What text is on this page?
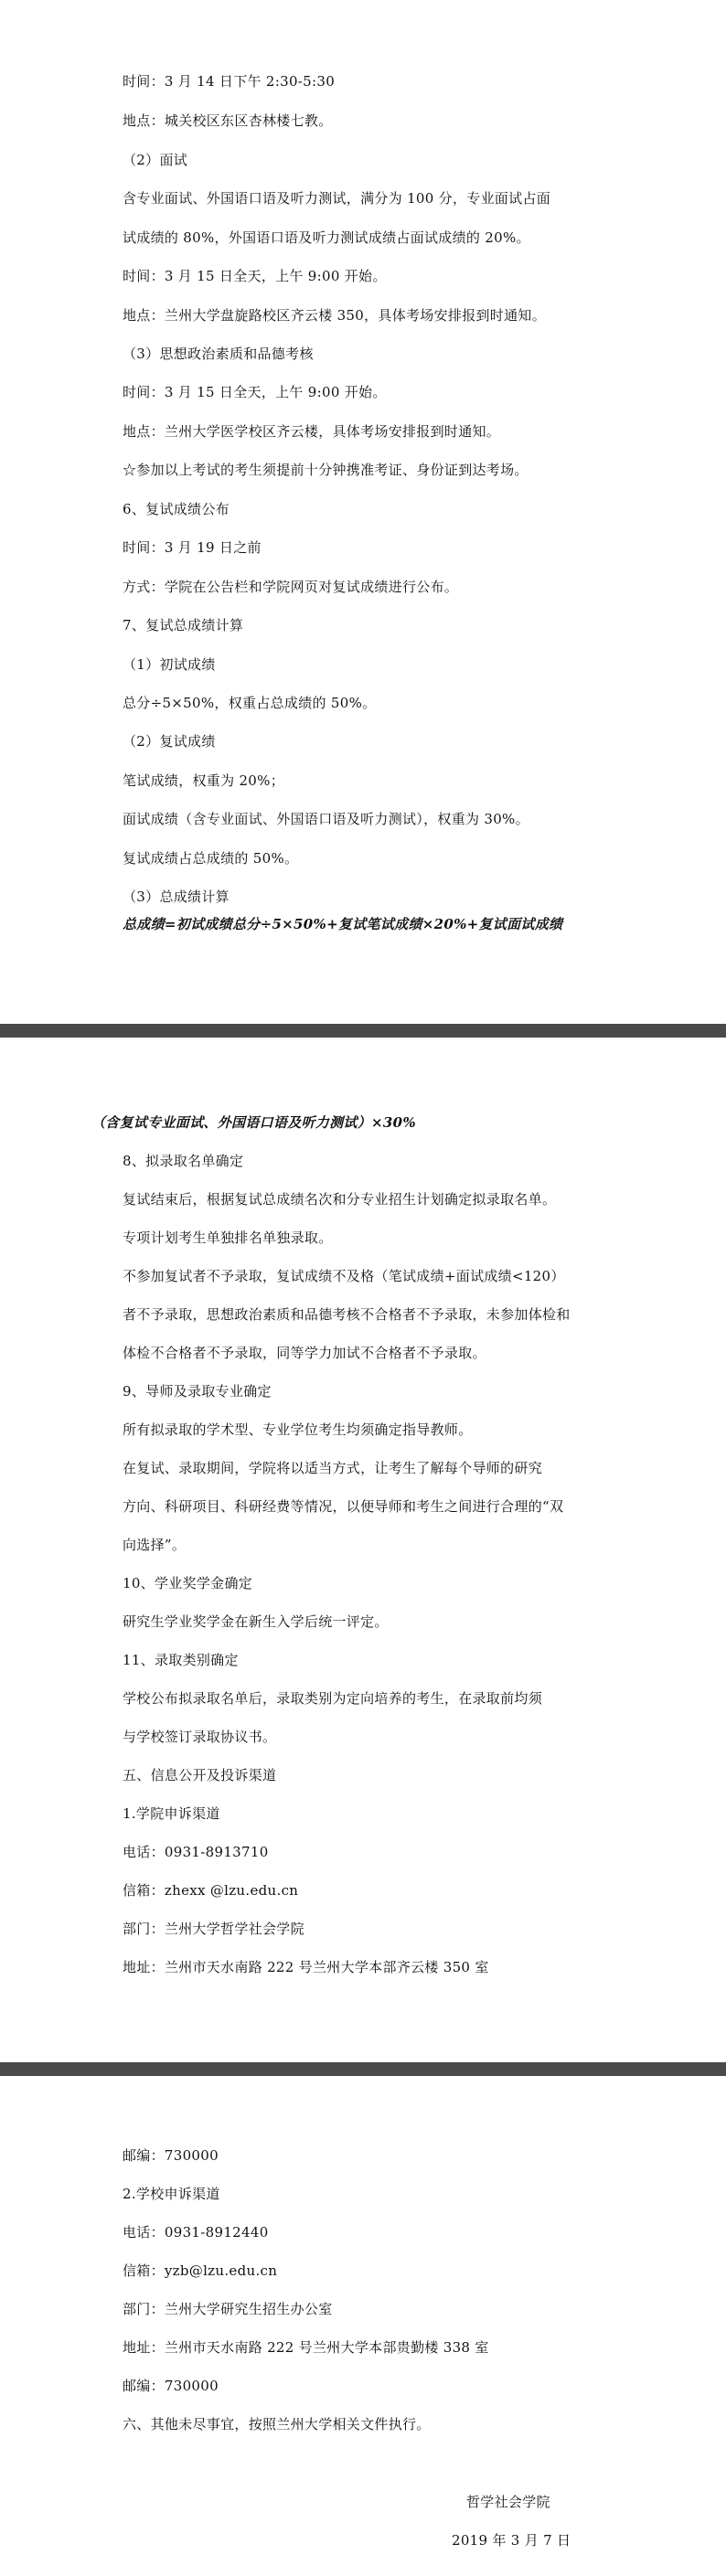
时间：3 月 14 日下午 2:30-5:30
地点：城关校区东区杏林楼七教。
（2）面试
含专业面试、外国语口语及听力测试，满分为 100 分，专业面试占面
试成绩的 80%，外国语口语及听力测试成绩占面试成绩的 20%。
时间：3 月 15 日全天，上午 9:00 开始。
地点：兰州大学盘旋路校区齐云楼 350，具体考场安排报到时通知。
（3）思想政治素质和品德考核
时间：3 月 15 日全天，上午 9:00 开始。
地点：兰州大学医学校区齐云楼，具体考场安排报到时通知。
☆参加以上考试的考生须提前十分钟携准考证、身份证到达考场。
6、复试成绩公布
时间：3 月 19 日之前
方式：学院在公告栏和学院网页对复试成绩进行公布。
7、复试总成绩计算
（1）初试成绩
总分÷5×50%，权重占总成绩的 50%。
（2）复试成绩
笔试成绩，权重为 20%；
面试成绩（含专业面试、外国语口语及听力测试），权重为 30%。
复试成绩占总成绩的 50%。
（3）总成绩计算
总成绩=初试成绩总分÷5×50%+复试笔试成绩×20%+复试面试成绩
（含复试专业面试、外国语口语及听力测试）×30%
8、拟录取名单确定
复试结束后，根据复试总成绩名次和分专业招生计划确定拟录取名单。
专项计划考生单独排名单独录取。
不参加复试者不予录取，复试成绩不及格（笔试成绩+面试成绩<120）
者不予录取，思想政治素质和品德考核不合格者不予录取，未参加体检和
体检不合格者不予录取，同等学力加试不合格者不予录取。
9、导师及录取专业确定
所有拟录取的学术型、专业学位考生均须确定指导教师。
在复试、录取期间，学院将以适当方式，让考生了解每个导师的研究
方向、科研项目、科研经费等情况，以便导师和考生之间进行合理的“双
向选择”。
10、学业奖学金确定
研究生学业奖学金在新生入学后统一评定。
11、录取类别确定
学校公布拟录取名单后，录取类别为定向培养的考生，在录取前均须
与学校签订录取协议书。
五、信息公开及投诉渠道
1.学院申诉渠道
电话：0931-8913710
信箱：zhexx @lzu.edu.cn
部门：兰州大学哲学社会学院
地址：兰州市天水南路 222 号兰州大学本部齐云楼 350 室
邮编：730000
2.学校申诉渠道
电话：0931-8912440
信箱：yzb@lzu.edu.cn
部门：兰州大学研究生招生办公室
地址：兰州市天水南路 222 号兰州大学本部贵勤楼 338 室
邮编：730000
六、其他未尽事宜，按照兰州大学相关文件执行。
哲学社会学院
2019 年 3 月 7 日
